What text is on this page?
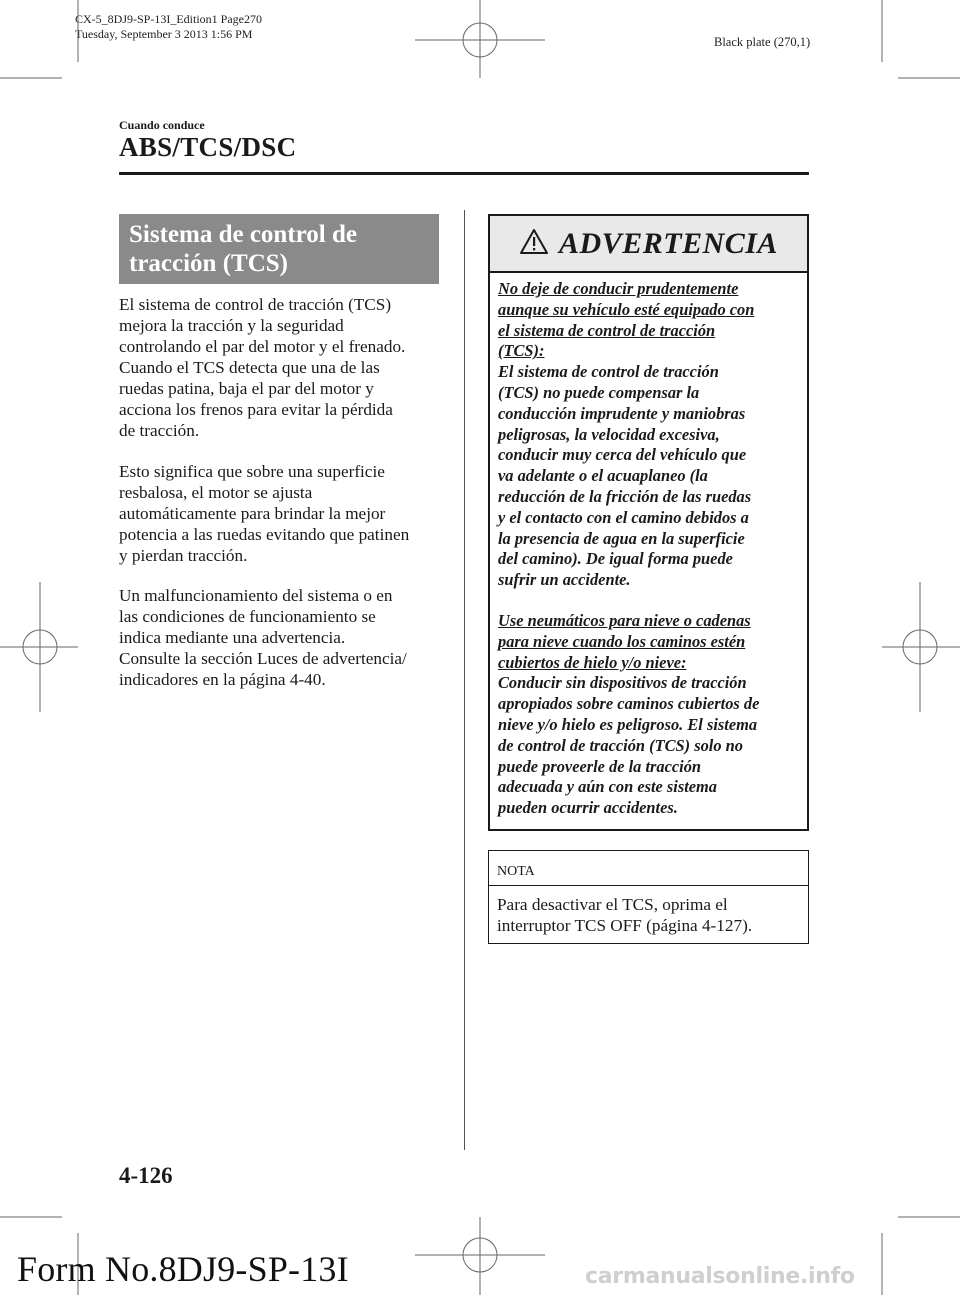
CX-5_8DJ9-SP-13I_Edition1 Page270
Tuesday, September 3 2013 1:56 PM
Black plate (270,1)
Cuando conduce
ABS/TCS/DSC
Sistema de control de
tracción (TCS)

El sistema de control de tracción (TCS)

mejora la tracción y la seguridad

controlando el par del motor y el frenado.

Cuando el TCS detecta que una de las

ruedas patina, baja el par del motor y

acciona los frenos para evitar la pérdida

de tracción.

Esto significa que sobre una superficie

resbalosa, el motor se ajusta

automáticamente para brindar la mejor

potencia a las ruedas evitando que patinen

y pierdan tracción.

Un malfuncionamiento del sistema o en

las condiciones de funcionamiento se

indica mediante una advertencia.

Consulte la sección Luces de advertencia/

indicadores en la página 4-40.

ADVERTENCIA

No deje de conducir prudentemente

aunque su vehículo esté equipado con

el sistema de control de tracción

(TCS):

El sistema de control de tracción

(TCS) no puede compensar la

conducción imprudente y maniobras

peligrosas, la velocidad excesiva,

conducir muy cerca del vehículo que

va adelante o el acuaplaneo (la

reducción de la fricción de las ruedas

y el contacto con el camino debidos a

la presencia de agua en la superficie

del camino). De igual forma puede

sufrir un accidente.

Use neumáticos para nieve o cadenas

para nieve cuando los caminos estén

cubiertos de hielo y/o nieve:

Conducir sin dispositivos de tracción

apropiados sobre caminos cubiertos de

nieve y/o hielo es peligroso. El sistema

de control de tracción (TCS) solo no

puede proveerle de la tracción

adecuada y aún con este sistema

pueden ocurrir accidentes.

NOTA
Para desactivar el TCS, oprima el
interruptor TCS OFF (página 4-127).
4-126
Form No.8DJ9-SP-13I	carmanualsonline.info
